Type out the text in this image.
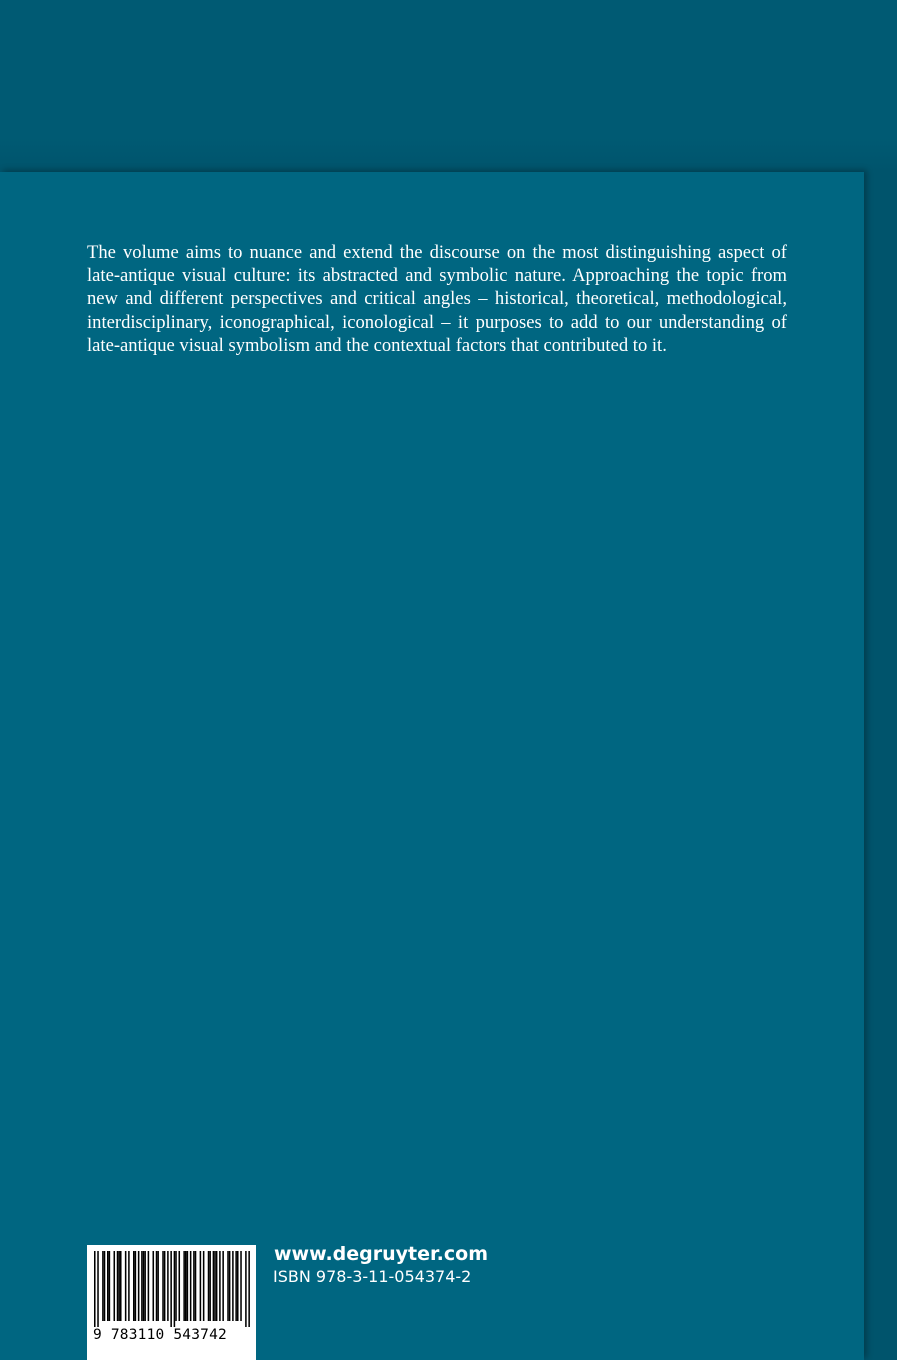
The volume aims to nuance and extend the discourse on the most distinguishing aspect of late-antique visual culture: its abstracted and symbolic nature. Approaching the topic from new and different perspectives and critical angles – historical, theoretical, methodological, interdisciplinary, iconographical, iconological – it purposes to add to our understanding of late-antique visual symbolism and the contextual factors that contributed to it.

9 783110 543742
www.degruyter.com
ISBN 978-3-11-054374-2
